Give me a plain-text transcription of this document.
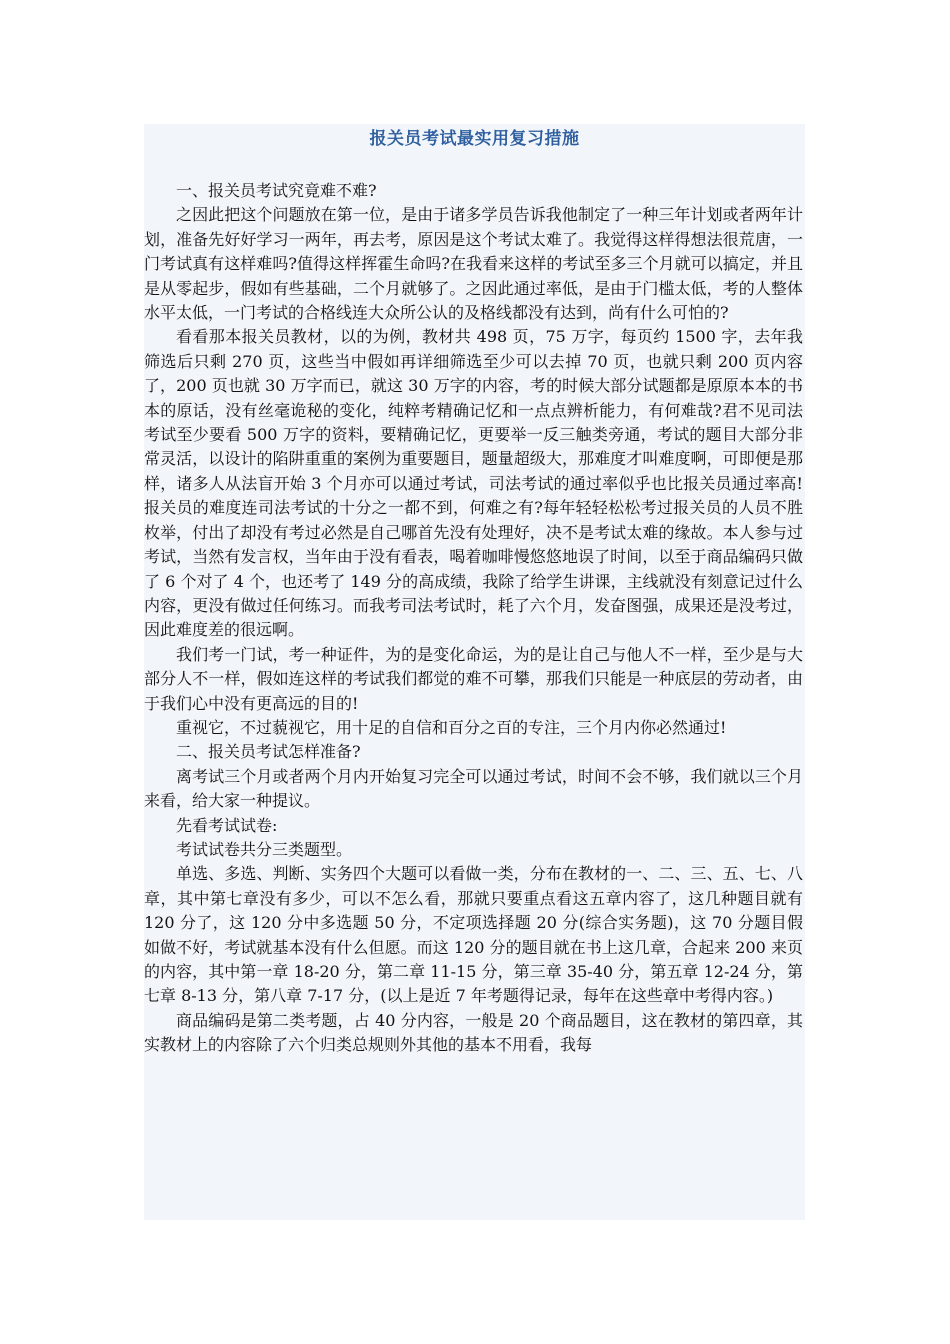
报关员考试最实用复习措施

一、报关员考试究竟难不难?

之因此把这个问题放在第一位，是由于诸多学员告诉我他制定了一种三年计划或者两年计划，准备先好好学习一两年，再去考，原因是这个考试太难了。我觉得这样得想法很荒唐，一门考试真有这样难吗?值得这样挥霍生命吗?在我看来这样的考试至多三个月就可以搞定，并且是从零起步，假如有些基础，二个月就够了。之因此通过率低，是由于门槛太低，考的人整体水平太低，一门考试的合格线连大众所公认的及格线都没有达到，尚有什么可怕的?

看看那本报关员教材，以的为例，教材共 498 页，75 万字，每页约 1500 字，去年我筛选后只剩 270 页，这些当中假如再详细筛选至少可以去掉 70 页，也就只剩 200 页内容了，200 页也就 30 万字而已，就这 30 万字的内容，考的时候大部分试题都是原原本本的书本的原话，没有丝毫诡秘的变化，纯粹考精确记忆和一点点辨析能力，有何难哉?君不见司法考试至少要看 500 万字的资料，要精确记忆，更要举一反三触类旁通，考试的题目大部分非常灵活，以设计的陷阱重重的案例为重要题目，题量超级大，那难度才叫难度啊，可即便是那样，诸多人从法盲开始 3 个月亦可以通过考试，司法考试的通过率似乎也比报关员通过率高!报关员的难度连司法考试的十分之一都不到，何难之有?每年轻轻松松考过报关员的人员不胜枚举，付出了却没有考过必然是自己哪首先没有处理好，决不是考试太难的缘故。本人参与过考试，当然有发言权，当年由于没有看表，喝着咖啡慢悠悠地误了时间，以至于商品编码只做了 6 个对了 4 个，也还考了 149 分的高成绩，我除了给学生讲课，主线就没有刻意记过什么内容，更没有做过任何练习。而我考司法考试时，耗了六个月，发奋图强，成果还是没考过，因此难度差的很远啊。

我们考一门试，考一种证件，为的是变化命运，为的是让自己与他人不一样，至少是与大部分人不一样，假如连这样的考试我们都觉的难不可攀，那我们只能是一种底层的劳动者，由于我们心中没有更高远的目的!

重视它，不过藐视它，用十足的自信和百分之百的专注，三个月内你必然通过!

二、报关员考试怎样准备?

离考试三个月或者两个月内开始复习完全可以通过考试，时间不会不够，我们就以三个月来看，给大家一种提议。

先看考试试卷:

考试试卷共分三类题型。

单选、多选、判断、实务四个大题可以看做一类，分布在教材的一、二、三、五、七、八章，其中第七章没有多少，可以不怎么看，那就只要重点看这五章内容了，这几种题目就有 120 分了，这 120 分中多选题 50 分，不定项选择题 20 分(综合实务题)，这 70 分题目假如做不好，考试就基本没有什么但愿。而这 120 分的题目就在书上这几章，合起来 200 来页的内容，其中第一章 18-20 分，第二章 11-15 分，第三章 35-40 分，第五章 12-24 分，第七章 8-13 分，第八章 7-17 分，(以上是近 7 年考题得记录，每年在这些章中考得内容。)

商品编码是第二类考题，占 40 分内容，一般是 20 个商品题目，这在教材的第四章，其实教材上的内容除了六个归类总规则外其他的基本不用看，我每
